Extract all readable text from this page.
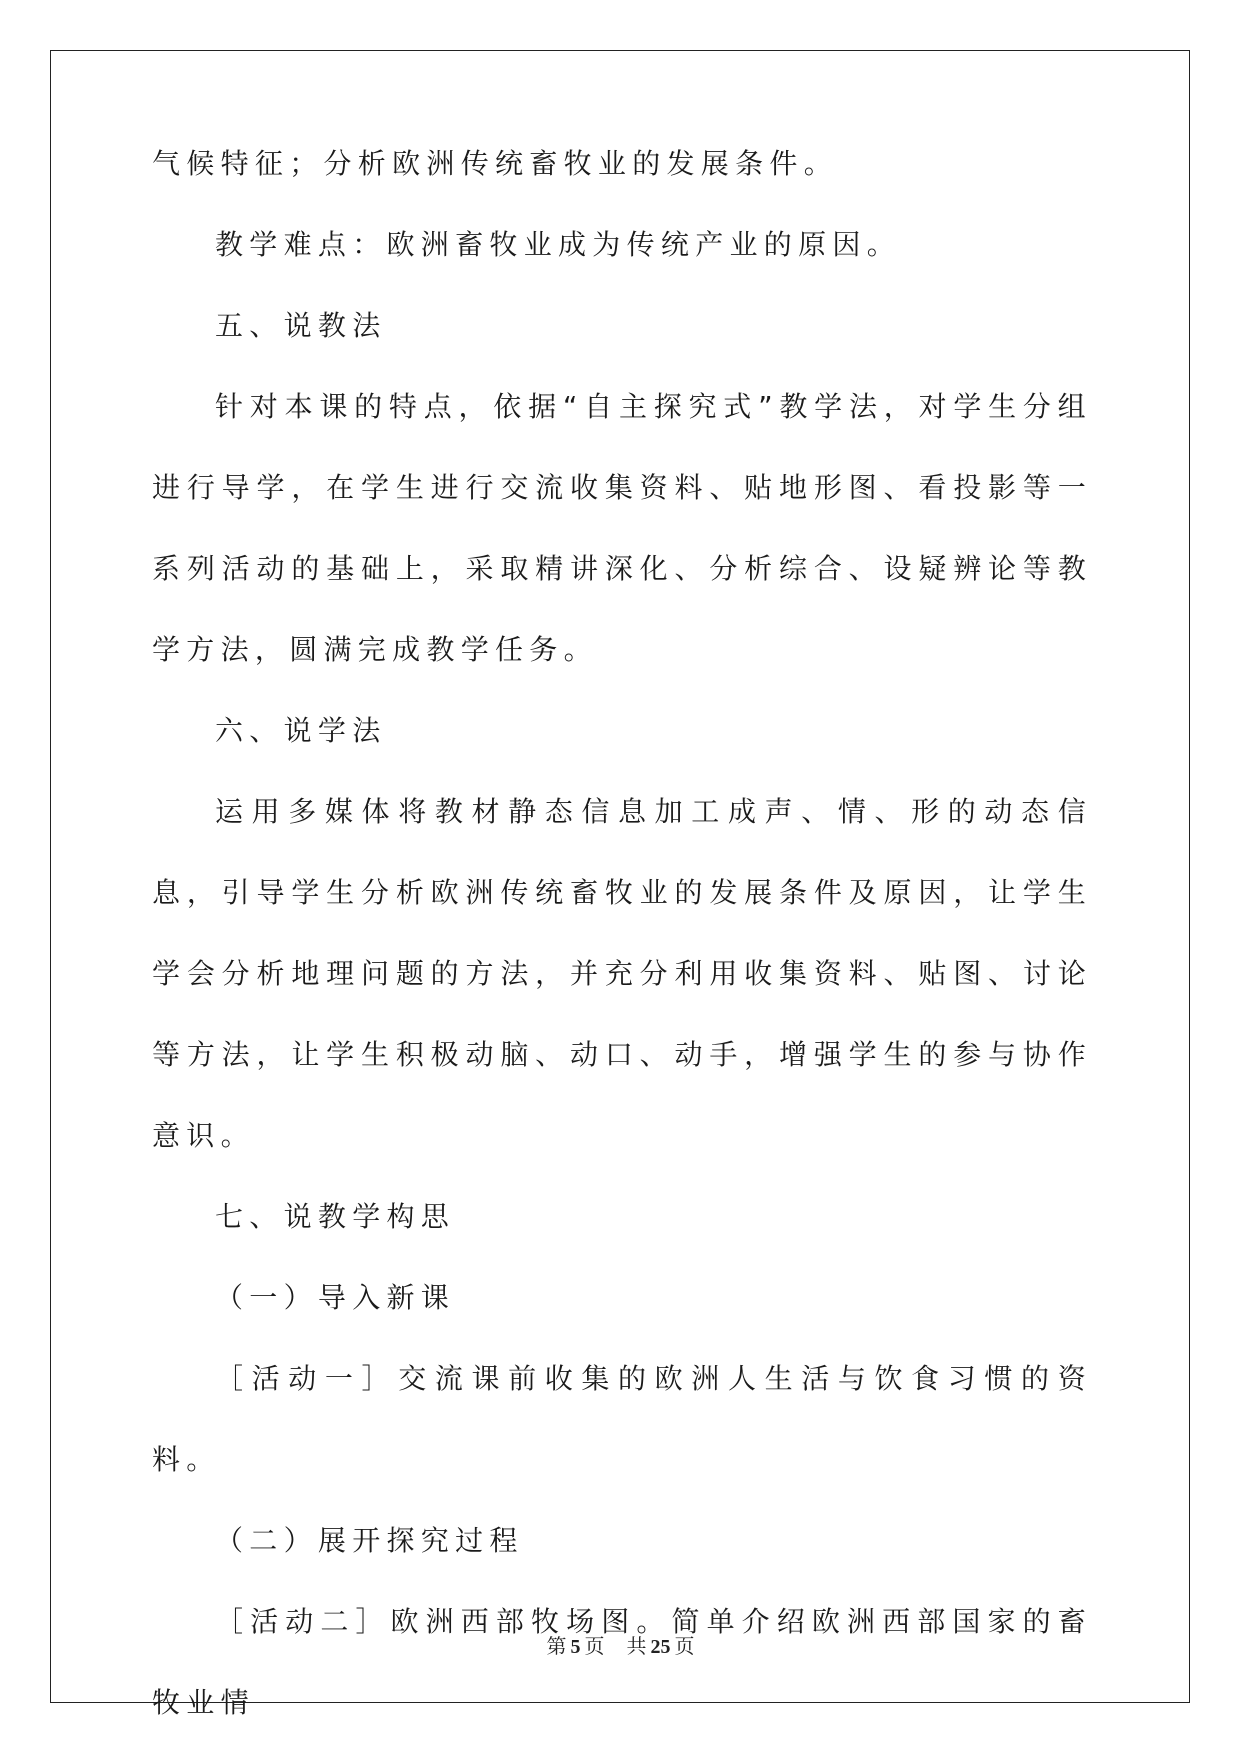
气候特征；分析欧洲传统畜牧业的发展条件。

教学难点：欧洲畜牧业成为传统产业的原因。

五、说教法

针对本课的特点，依据“自主探究式”教学法，对学生分组进行导学，在学生进行交流收集资料、贴地形图、看投影等一系列活动的基础上，采取精讲深化、分析综合、设疑辨论等教学方法，圆满完成教学任务。

六、说学法

运用多媒体将教材静态信息加工成声、情、形的动态信息，引导学生分析欧洲传统畜牧业的发展条件及原因，让学生学会分析地理问题的方法，并充分利用收集资料、贴图、讨论等方法，让学生积极动脑、动口、动手，增强学生的参与协作意识。

七、说教学构思

（一）导入新课

［活动一］交流课前收集的欧洲人生活与饮食习惯的资料。

（二）展开探究过程

［活动二］欧洲西部牧场图。简单介绍欧洲西部国家的畜牧业情

第 5 页 共 25 页
